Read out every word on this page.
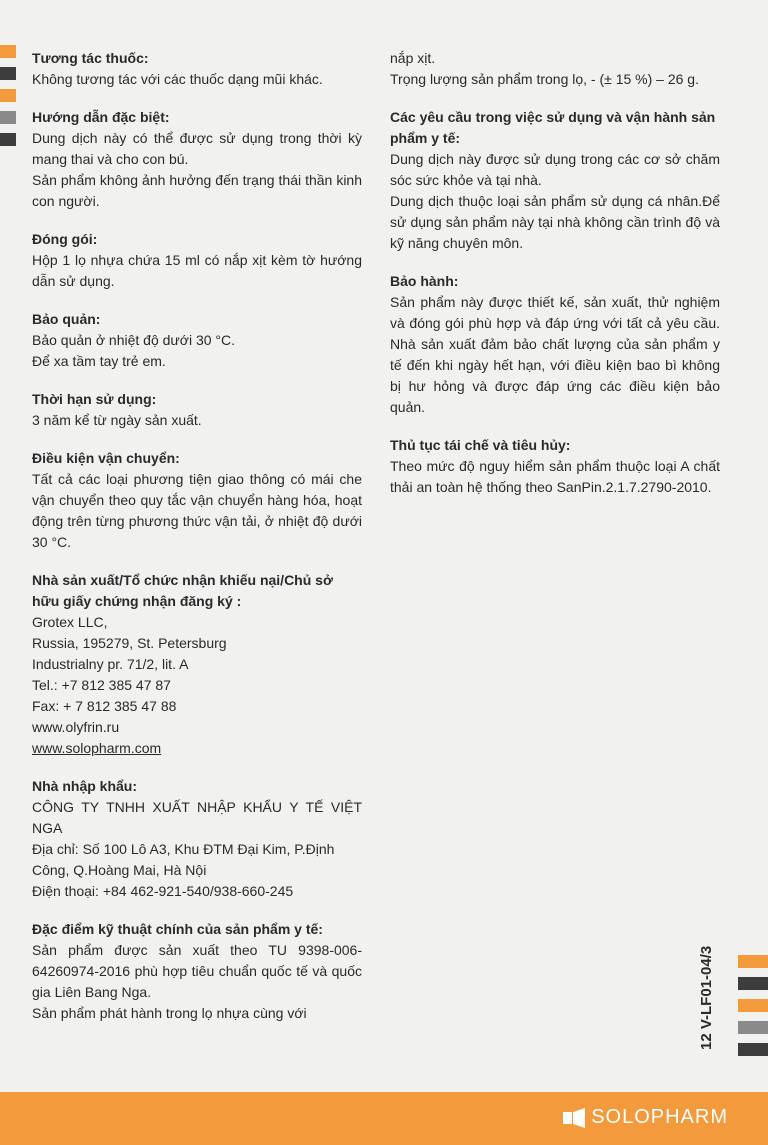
Tương tác thuốc:

Không tương tác với các thuốc dạng mũi khác.

Hướng dẫn đặc biệt:

Dung dịch này có thể được sử dụng trong thời kỳ mang thai và cho con bú.

Sản phẩm không ảnh hưởng đến trạng thái thần kinh con người.

Đóng gói:

Hộp 1 lọ nhựa chứa 15 ml có nắp xịt kèm tờ hướng dẫn sử dụng.

Bảo quản:

Bảo quản ở nhiệt độ dưới 30 °C.

Để xa tầm tay trẻ em.

Thời hạn sử dụng:

3 năm kể từ ngày sản xuất.

Điều kiện vận chuyển:

Tất cả các loại phương tiện giao thông có mái che vận chuyển theo quy tắc vận chuyển hàng hóa, hoạt động trên từng phương thức vận tải, ở nhiệt độ dưới 30 °C.

Nhà sản xuất/Tổ chức nhận khiếu nại/Chủ sở hữu giấy chứng nhận đăng ký :

Grotex LLC,

Russia, 195279, St. Petersburg

Industrialny pr. 71/2, lit. A

Tel.: +7 812 385 47 87

Fax: + 7 812 385 47 88

www.olyfrin.ru

www.solopharm.com

Nhà nhập khẩu:

CÔNG TY TNHH XUẤT NHẬP KHẨU Y TẾ VIỆT NGA

Địa chỉ: Số 100 Lô A3, Khu ĐTM Đại Kim, P.Định Công, Q.Hoàng Mai, Hà Nội

Điện thoại: +84 462-921-540/938-660-245

Đặc điểm kỹ thuật chính của sản phẩm y tế:

Sản phẩm được sản xuất theo TU 9398-006-64260974-2016 phù hợp tiêu chuẩn quốc tế và quốc gia Liên Bang Nga.

Sản phẩm phát hành trong lọ nhựa cùng với

nắp xịt.

Trọng lượng sản phẩm trong lọ, - (± 15 %) – 26 g.

Các yêu cầu trong việc sử dụng và vận hành sản phẩm y tế:

Dung dịch này được sử dụng trong các cơ sở chăm sóc sức khỏe và tại nhà.

Dung dịch thuộc loại sản phẩm sử dụng cá nhân.Để sử dụng sản phẩm này tại nhà không cần trình độ và kỹ năng chuyên môn.

Bảo hành:

Sản phẩm này được thiết kế, sản xuất, thử nghiệm và đóng gói phù hợp và đáp ứng với tất cả yêu cầu. Nhà sản xuất đảm bảo chất lượng của sản phẩm y tế đến khi ngày hết hạn, với điều kiện bao bì không bị hư hỏng và được đáp ứng các điều kiện bảo quản.

Thủ tục tái chế và tiêu hủy:

Theo mức độ nguy hiểm sản phẩm thuộc loại A chất thải an toàn hệ thống theo SanPin.2.1.7.2790-2010.

12 V-LF01-04/3
SOLOPHARM
